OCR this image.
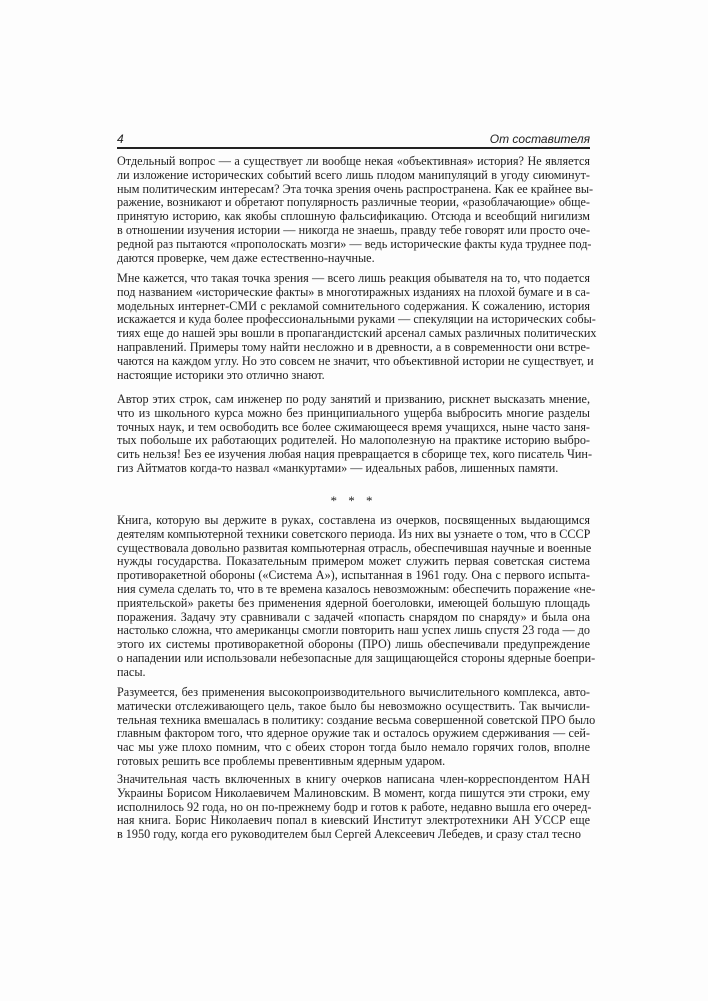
4	От составителя
Отдельный вопрос — а существует ли вообще некая «объективная» история? Не является
ли изложение исторических событий всего лишь плодом манипуляций в угоду сиюминут-
ным политическим интересам? Эта точка зрения очень распространена. Как ее крайнее вы-
ражение, возникают и обретают популярность различные теории, «разоблачающие» обще-
принятую историю, как якобы сплошную фальсификацию. Отсюда и всеобщий нигилизм
в отношении изучения истории — никогда не знаешь, правду тебе говорят или просто оче-
редной раз пытаются «прополоскать мозги» — ведь исторические факты куда труднее под-
даются проверке, чем даже естественно-научные.
Мне кажется, что такая точка зрения — всего лишь реакция обывателя на то, что подается
под названием «исторические факты» в многотиражных изданиях на плохой бумаге и в са-
модельных интернет-СМИ с рекламой сомнительного содержания. К сожалению, история
искажается и куда более профессиональными руками — спекуляции на исторических собы-
тиях еще до нашей эры вошли в пропагандистский арсенал самых различных политических
направлений. Примеры тому найти несложно и в древности, а в современности они встре-
чаются на каждом углу. Но это совсем не значит, что объективной истории не существует, и
настоящие историки это отлично знают.
Автор этих строк, сам инженер по роду занятий и призванию, рискнет высказать мнение,
что из школьного курса можно без принципиального ущерба выбросить многие разделы
точных наук, и тем освободить все более сжимающееся время учащихся, ныне часто заня-
тых побольше их работающих родителей. Но малополезную на практике историю выбро-
сить нельзя! Без ее изучения любая нация превращается в сборище тех, кого писатель Чин-
гиз Айтматов когда-то назвал «манкуртами» — идеальных рабов, лишенных памяти.
* * *
Книга, которую вы держите в руках, составлена из очерков, посвященных выдающимся
деятелям компьютерной техники советского периода. Из них вы узнаете о том, что в СССР
существовала довольно развитая компьютерная отрасль, обеспечившая научные и военные
нужды государства. Показательным примером может служить первая советская система
противоракетной обороны («Система А»), испытанная в 1961 году. Она с первого испыта-
ния сумела сделать то, что в те времена казалось невозможным: обеспечить поражение «не-
приятельской» ракеты без применения ядерной боеголовки, имеющей большую площадь
поражения. Задачу эту сравнивали с задачей «попасть снарядом по снаряду» и была она
настолько сложна, что американцы смогли повторить наш успех лишь спустя 23 года — до
этого их системы противоракетной обороны (ПРО) лишь обеспечивали предупреждение
о нападении или использовали небезопасные для защищающейся стороны ядерные боепри-
пасы.
Разумеется, без применения высокопроизводительного вычислительного комплекса, авто-
матически отслеживающего цель, такое было бы невозможно осуществить. Так вычисли-
тельная техника вмешалась в политику: создание весьма совершенной советской ПРО было
главным фактором того, что ядерное оружие так и осталось оружием сдерживания — сей-
час мы уже плохо помним, что с обеих сторон тогда было немало горячих голов, вполне
готовых решить все проблемы превентивным ядерным ударом.
Значительная часть включенных в книгу очерков написана член-корреспондентом НАН
Украины Борисом Николаевичем Малиновским. В момент, когда пишутся эти строки, ему
исполнилось 92 года, но он по-прежнему бодр и готов к работе, недавно вышла его очеред-
ная книга. Борис Николаевич попал в киевский Институт электротехники АН УССР еще
в 1950 году, когда его руководителем был Сергей Алексеевич Лебедев, и сразу стал тесно
